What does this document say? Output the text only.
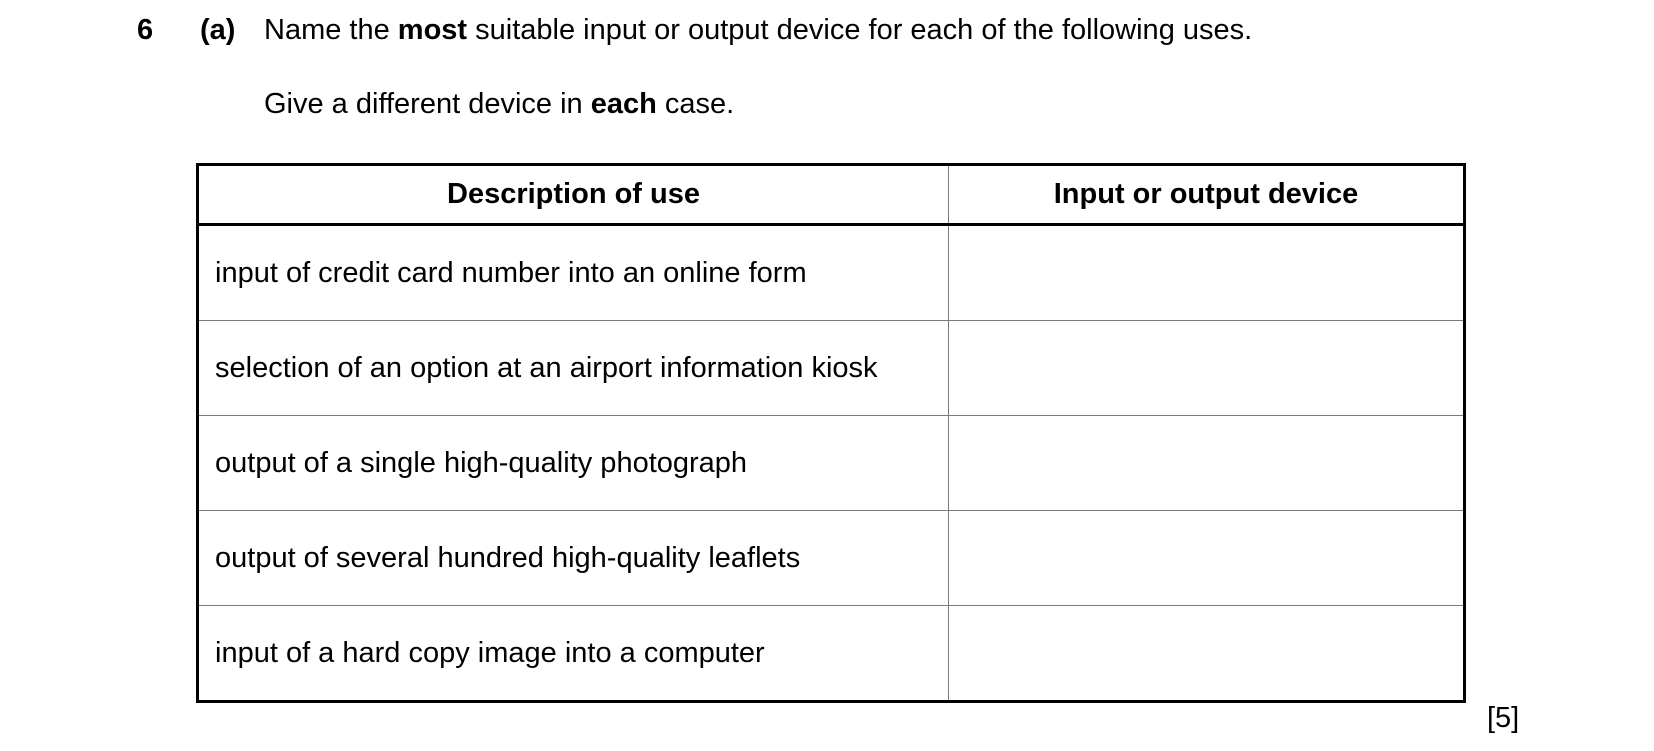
6 (a) Name the most suitable input or output device for each of the following uses.
Give a different device in each case.
Description of use	Input or output device
input of credit card number into an online form	
selection of an option at an airport information kiosk	
output of a single high-quality photograph	
output of several hundred high-quality leaflets	
input of a hard copy image into a computer	
[5]
